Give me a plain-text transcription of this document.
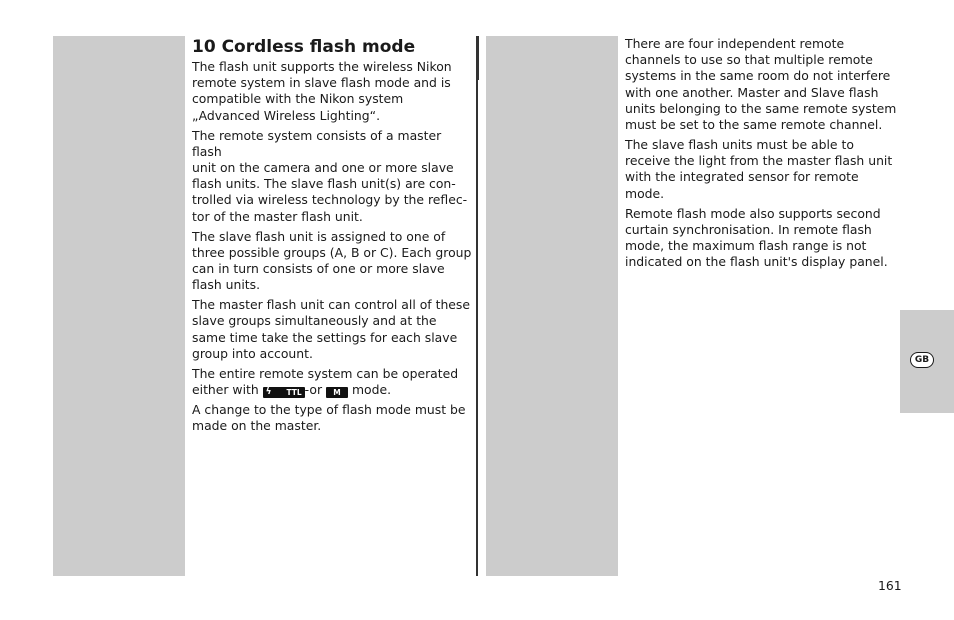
10 Cordless flash mode

The flash unit supports the wireless Nikon remote system in slave flash mode and is compatible with the Nikon system „Advanced Wireless Lighting“.

The remote system consists of a master flash
unit on the camera and one or more slave
flash units. The slave flash unit(s) are con-
trolled via wireless technology by the reflec-
tor of the master flash unit.

The slave flash unit is assigned to one of three possible groups (A, B or C). Each group can in turn consists of one or more slave flash units.

The master flash unit can control all of these slave groups simultaneously and at the same time take the settings for each slave group into account.

The entire remote system can be operated either with ϟ TTL -or M mode.

A change to the type of flash mode must be made on the master.

There are four independent remote channels to use so that multiple remote systems in the same room do not interfere with one another. Master and Slave flash units belonging to the same remote system must be set to the same remote channel.

The slave flash units must be able to receive the light from the master flash unit with the integrated sensor for remote mode.

Remote flash mode also supports second curtain synchronisation. In remote flash mode, the maximum flash range is not indicated on the flash unit's display panel.

GB
161
